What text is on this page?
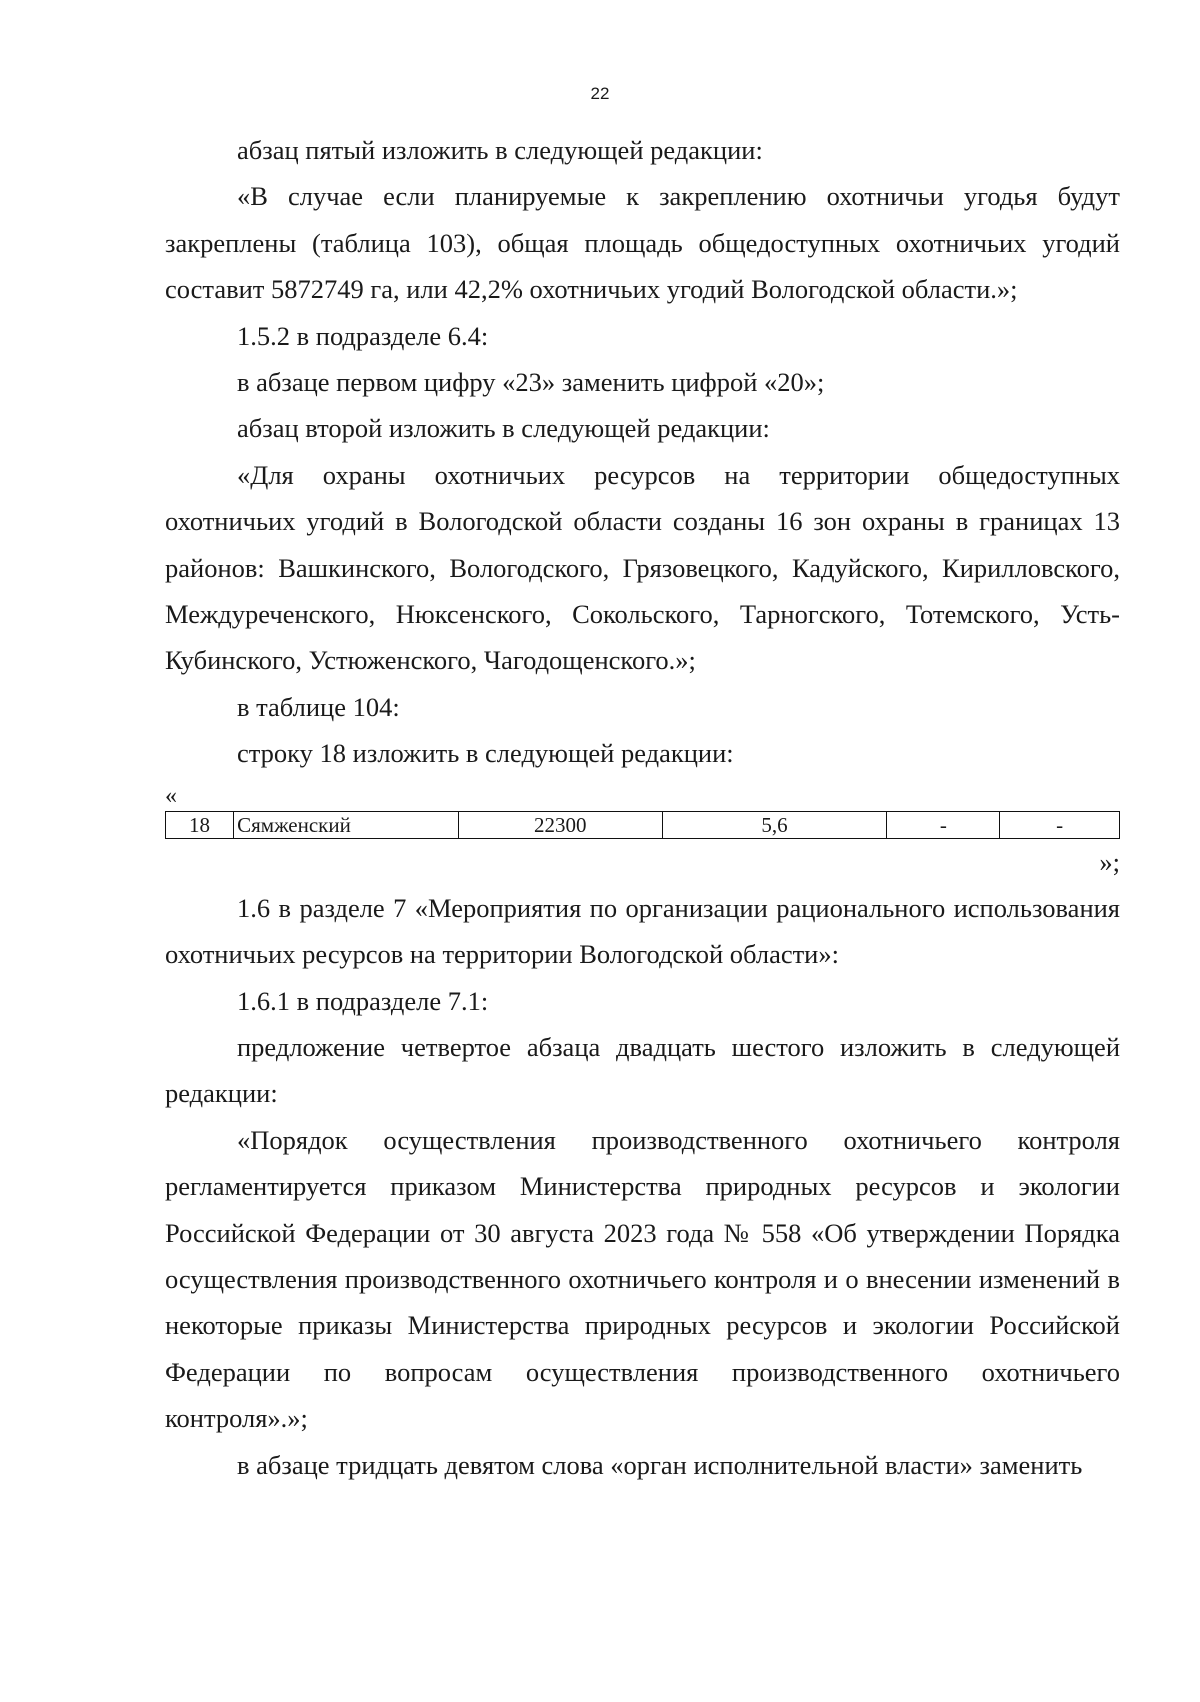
22

абзац пятый изложить в следующей редакции:

«В случае если планируемые к закреплению охотничьи угодья будут закреплены (таблица 103), общая площадь общедоступных охотничьих угодий составит 5872749 га, или 42,2% охотничьих угодий Вологодской области.»;

1.5.2 в подразделе 6.4:

в абзаце первом цифру «23» заменить цифрой «20»;

абзац второй изложить в следующей редакции:

«Для охраны охотничьих ресурсов на территории общедоступных охотничьих угодий в Вологодской области созданы 16 зон охраны в границах 13 районов: Вашкинского, Вологодского, Грязовецкого, Кадуйского, Кирилловского, Междуреченского, Нюксенского, Сокольского, Тарногского, Тотемского, Усть-Кубинского, Устюженского, Чагодощенского.»;

в таблице 104:

строку 18 изложить в следующей редакции:

«
18	Сямженский	22300	5,6	-	-
»;

1.6 в разделе 7 «Мероприятия по организации рационального использования охотничьих ресурсов на территории Вологодской области»:

1.6.1 в подразделе 7.1:

предложение четвертое абзаца двадцать шестого изложить в следующей редакции:

«Порядок осуществления производственного охотничьего контроля регламентируется приказом Министерства природных ресурсов и экологии Российской Федерации от 30 августа 2023 года № 558 «Об утверждении Порядка осуществления производственного охотничьего контроля и о внесении изменений в некоторые приказы Министерства природных ресурсов и экологии Российской Федерации по вопросам осуществления производственного охотничьего контроля».»;

в абзаце тридцать девятом слова «орган исполнительной власти» заменить
